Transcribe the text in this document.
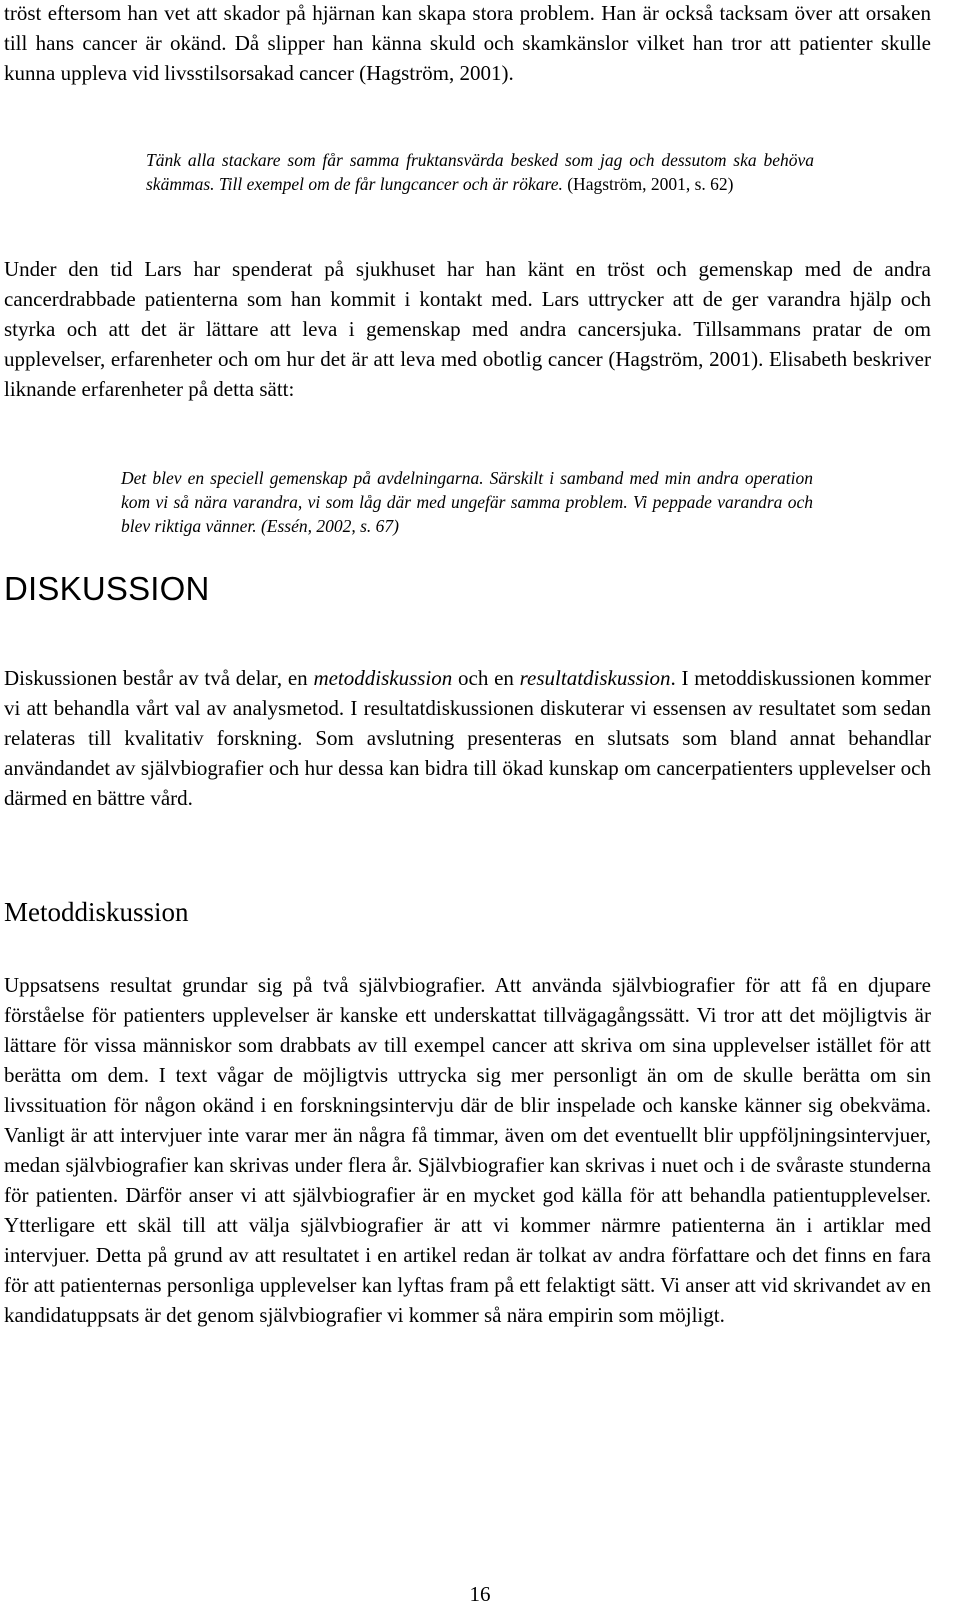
tröst eftersom han vet att skador på hjärnan kan skapa stora problem. Han är också tacksam över att orsaken till hans cancer är okänd. Då slipper han känna skuld och skamkänslor vilket han tror att patienter skulle kunna uppleva vid livsstilsorsakad cancer (Hagström, 2001).

Tänk alla stackare som får samma fruktansvärda besked som jag och dessutom ska behöva skämmas. Till exempel om de får lungcancer och är rökare. (Hagström, 2001, s. 62)

Under den tid Lars har spenderat på sjukhuset har han känt en tröst och gemenskap med de andra cancerdrabbade patienterna som han kommit i kontakt med. Lars uttrycker att de ger varandra hjälp och styrka och att det är lättare att leva i gemenskap med andra cancersjuka. Tillsammans pratar de om upplevelser, erfarenheter och om hur det är att leva med obotlig cancer (Hagström, 2001). Elisabeth beskriver liknande erfarenheter på detta sätt:

Det blev en speciell gemenskap på avdelningarna. Särskilt i samband med min andra operation kom vi så nära varandra, vi som låg där med ungefär samma problem. Vi peppade varandra och blev riktiga vänner. (Essén, 2002, s. 67)

DISKUSSION

Diskussionen består av två delar, en metoddiskussion och en resultatdiskussion. I metoddiskussionen kommer vi att behandla vårt val av analysmetod. I resultatdiskussionen diskuterar vi essensen av resultatet som sedan relateras till kvalitativ forskning. Som avslutning presenteras en slutsats som bland annat behandlar användandet av självbiografier och hur dessa kan bidra till ökad kunskap om cancerpatienters upplevelser och därmed en bättre vård.

Metoddiskussion

Uppsatsens resultat grundar sig på två självbiografier. Att använda självbiografier för att få en djupare förståelse för patienters upplevelser är kanske ett underskattat tillvägagångssätt. Vi tror att det möjligtvis är lättare för vissa människor som drabbats av till exempel cancer att skriva om sina upplevelser istället för att berätta om dem. I text vågar de möjligtvis uttrycka sig mer personligt än om de skulle berätta om sin livssituation för någon okänd i en forskningsintervju där de blir inspelade och kanske känner sig obekväma. Vanligt är att intervjuer inte varar mer än några få timmar, även om det eventuellt blir uppföljningsintervjuer, medan självbiografier kan skrivas under flera år. Självbiografier kan skrivas i nuet och i de svåraste stunderna för patienten. Därför anser vi att självbiografier är en mycket god källa för att behandla patientupplevelser. Ytterligare ett skäl till att välja självbiografier är att vi kommer närmre patienterna än i artiklar med intervjuer. Detta på grund av att resultatet i en artikel redan är tolkat av andra författare och det finns en fara för att patienternas personliga upplevelser kan lyftas fram på ett felaktigt sätt. Vi anser att vid skrivandet av en kandidatuppsats är det genom självbiografier vi kommer så nära empirin som möjligt.

16
